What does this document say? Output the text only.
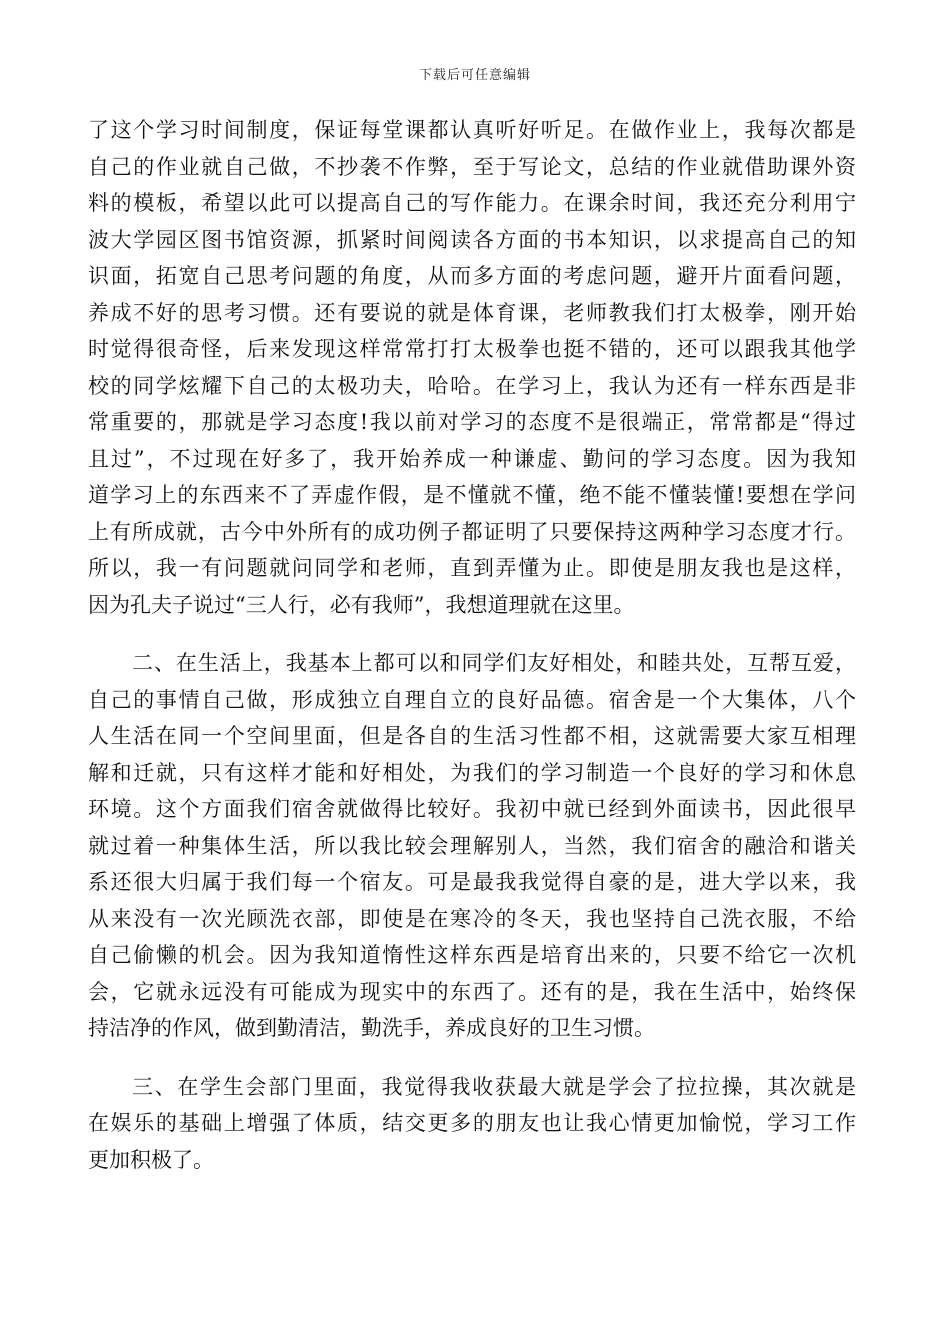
下载后可任意编辑
了这个学习时间制度，保证每堂课都认真听好听足。在做作业上，我每次都是
自己的作业就自己做，不抄袭不作弊，至于写论文，总结的作业就借助课外资
料的模板，希望以此可以提高自己的写作能力。在课余时间，我还充分利用宁
波大学园区图书馆资源，抓紧时间阅读各方面的书本知识，以求提高自己的知
识面，拓宽自己思考问题的角度，从而多方面的考虑问题，避开片面看问题，
养成不好的思考习惯。还有要说的就是体育课，老师教我们打太极拳，刚开始
时觉得很奇怪，后来发现这样常常打打太极拳也挺不错的，还可以跟我其他学
校的同学炫耀下自己的太极功夫，哈哈。在学习上，我认为还有一样东西是非
常重要的，那就是学习态度!我以前对学习的态度不是很端正，常常都是“得过
且过”，不过现在好多了，我开始养成一种谦虚、勤问的学习态度。因为我知
道学习上的东西来不了弄虚作假，是不懂就不懂，绝不能不懂装懂!要想在学问
上有所成就，古今中外所有的成功例子都证明了只要保持这两种学习态度才行。
所以，我一有问题就问同学和老师，直到弄懂为止。即使是朋友我也是这样，
因为孔夫子说过“三人行，必有我师”，我想道理就在这里。
二、在生活上，我基本上都可以和同学们友好相处，和睦共处，互帮互爱，
自己的事情自己做，形成独立自理自立的良好品德。宿舍是一个大集体，八个
人生活在同一个空间里面，但是各自的生活习性都不相，这就需要大家互相理
解和迁就，只有这样才能和好相处，为我们的学习制造一个良好的学习和休息
环境。这个方面我们宿舍就做得比较好。我初中就已经到外面读书，因此很早
就过着一种集体生活，所以我比较会理解别人，当然，我们宿舍的融洽和谐关
系还很大归属于我们每一个宿友。可是最我我觉得自豪的是，进大学以来，我
从来没有一次光顾洗衣部，即使是在寒冷的冬天，我也坚持自己洗衣服，不给
自己偷懒的机会。因为我知道惰性这样东西是培育出来的，只要不给它一次机
会，它就永远没有可能成为现实中的东西了。还有的是，我在生活中，始终保
持洁净的作风，做到勤清洁，勤洗手，养成良好的卫生习惯。
三、在学生会部门里面，我觉得我收获最大就是学会了拉拉操，其次就是
在娱乐的基础上增强了体质，结交更多的朋友也让我心情更加愉悦，学习工作
更加积极了。
